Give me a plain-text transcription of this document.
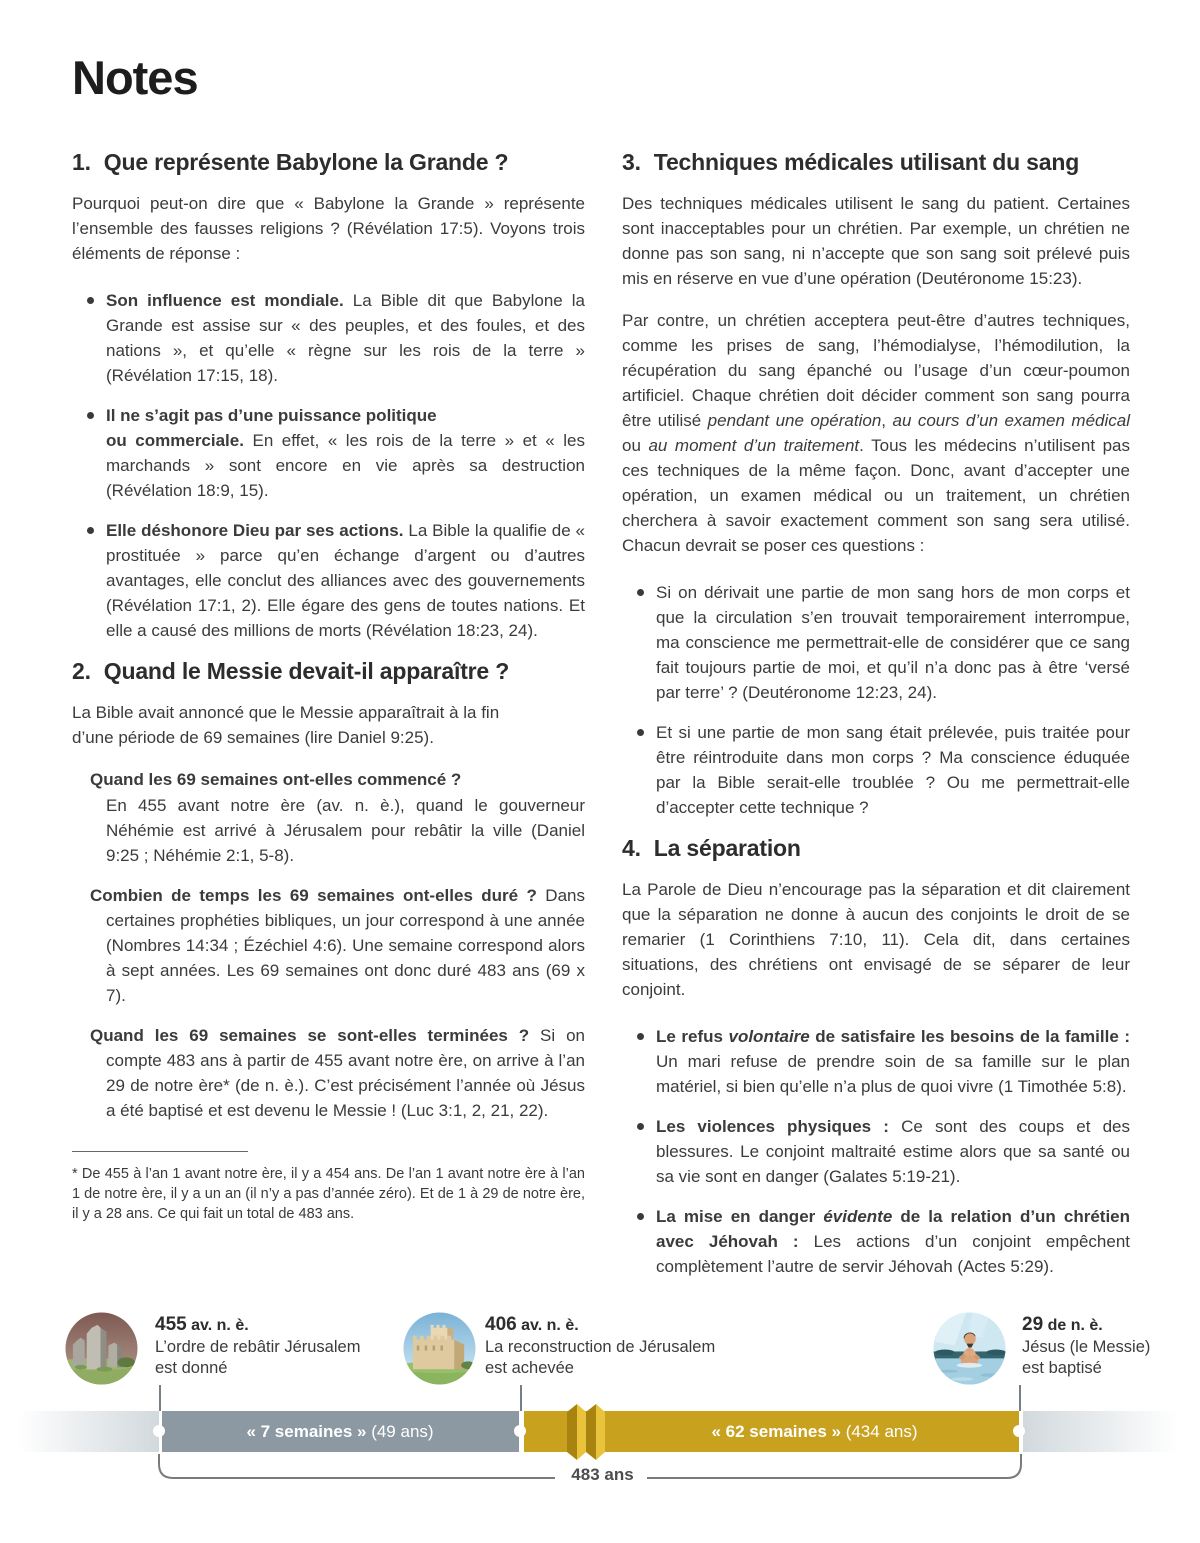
Notes
1. Que représente Babylone la Grande ?

Pourquoi peut-on dire que « Babylone la Grande » représente l’ensemble des fausses religions ? (Révélation 17:5). Voyons trois éléments de réponse :

Son influence est mondiale. La Bible dit que Babylone la Grande est assise sur « des peuples, et des foules, et des nations », et qu’elle « règne sur les rois de la terre » (Révélation 17:15, 18).

Il ne s’agit pas d’une puissance politique
ou commerciale. En effet, « les rois de la terre » et « les marchands » sont encore en vie après sa destruction (Révélation 18:9, 15).

Elle déshonore Dieu par ses actions. La Bible la qualifie de « prostituée » parce qu’en échange d’argent ou d’autres avantages, elle conclut des alliances avec des gouvernements (Révélation 17:1, 2). Elle égare des gens de toutes nations. Et elle a causé des millions de morts (Révélation 18:23, 24).

2. Quand le Messie devait-il apparaître ?

La Bible avait annoncé que le Messie apparaîtrait à la fin
d’une période de 69 semaines (lire Daniel 9:25).

Quand les 69 semaines ont-elles commencé ?

En 455 avant notre ère (av. n. è.), quand le gouverneur Néhémie est arrivé à Jérusalem pour rebâtir la ville (Daniel 9:25 ; Néhémie 2:1, 5-8).

Combien de temps les 69 semaines ont-elles duré ? Dans certaines prophéties bibliques, un jour correspond à une année (Nombres 14:34 ; Ézéchiel 4:6). Une semaine correspond alors à sept années. Les 69 semaines ont donc duré 483 ans (69 x 7).

Quand les 69 semaines se sont-elles terminées ? Si on compte 483 ans à partir de 455 avant notre ère, on arrive à l’an 29 de notre ère* (de n. è.). C’est précisément l’année où Jésus a été baptisé et est devenu le Messie ! (Luc 3:1, 2, 21, 22).

* De 455 à l’an 1 avant notre ère, il y a 454 ans. De l’an 1 avant notre ère à l’an 1 de notre ère, il y a un an (il n’y a pas d’année zéro). Et de 1 à 29 de notre ère, il y a 28 ans. Ce qui fait un total de 483 ans.

3. Techniques médicales utilisant du sang

Des techniques médicales utilisent le sang du patient. Certaines sont inacceptables pour un chrétien. Par exemple, un chrétien ne donne pas son sang, ni n’accepte que son sang soit prélevé puis mis en réserve en vue d’une opération (Deutéronome 15:23).

Par contre, un chrétien acceptera peut-être d’autres techniques, comme les prises de sang, l’hémodialyse, l’hémodilution, la récupération du sang épanché ou l’usage d’un cœur-poumon artificiel. Chaque chrétien doit décider comment son sang pourra être utilisé pendant une opération, au cours d’un examen médical ou au moment d’un traitement. Tous les médecins n’utilisent pas ces techniques de la même façon. Donc, avant d’accepter une opération, un examen médical ou un traitement, un chrétien cherchera à savoir exactement comment son sang sera utilisé. Chacun devrait se poser ces questions :

Si on dérivait une partie de mon sang hors de mon corps et que la circulation s’en trouvait temporairement interrompue, ma conscience me permettrait-elle de considérer que ce sang fait toujours partie de moi, et qu’il n’a donc pas à être ‘versé par terre’ ? (Deutéronome 12:23, 24).

Et si une partie de mon sang était prélevée, puis traitée pour être réintroduite dans mon corps ? Ma conscience éduquée par la Bible serait-elle troublée ? Ou me permettrait-elle d’accepter cette technique ?

4. La séparation

La Parole de Dieu n’encourage pas la séparation et dit clairement que la séparation ne donne à aucun des conjoints le droit de se remarier (1 Corinthiens 7:10, 11). Cela dit, dans certaines situations, des chrétiens ont envisagé de se séparer de leur conjoint.

Le refus volontaire de satisfaire les besoins de la famille : Un mari refuse de prendre soin de sa famille sur le plan matériel, si bien qu’elle n’a plus de quoi vivre (1 Timothée 5:8).

Les violences physiques : Ce sont des coups et des blessures. Le conjoint maltraité estime alors que sa santé ou sa vie sont en danger (Galates 5:19-21).

La mise en danger évidente de la relation d’un chrétien avec Jéhovah : Les actions d’un conjoint empêchent complètement l’autre de servir Jéhovah (Actes 5:29).

455 av. n. è.
L’ordre de rebâtir Jérusalem
est donné
406 av. n. è.
La reconstruction de Jérusalem
est achevée
29 de n. è.
Jésus (le Messie)
est baptisé
« 7 semaines » (49 ans)	« 62 semaines » (434 ans)
483 ans
